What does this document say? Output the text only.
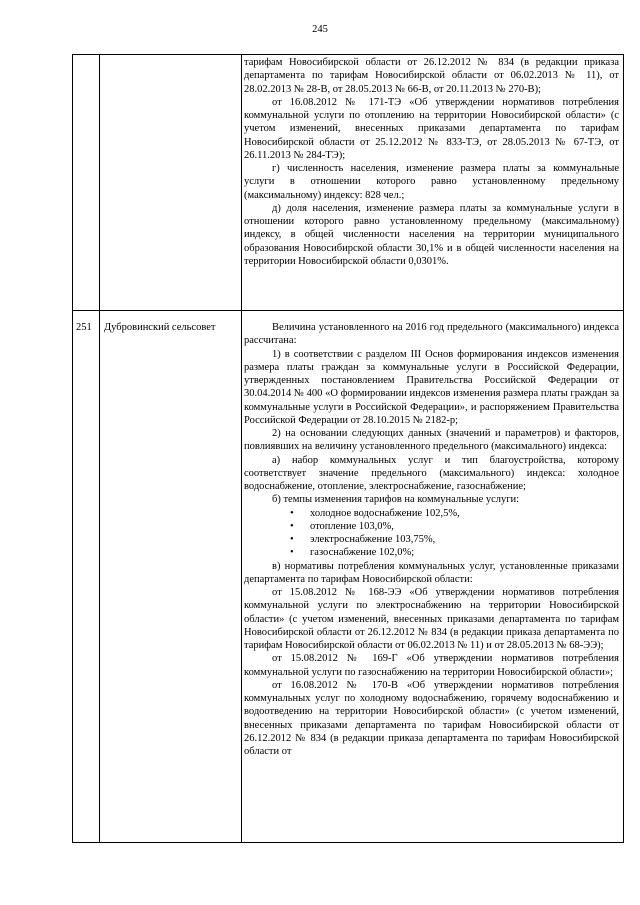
245

тарифам Новосибирской области от 26.12.2012 № 834 (в редакции приказа департамента по тарифам Новосибирской области от 06.02.2013 № 11), от 28.02.2013 № 28-В, от 28.05.2013 № 66-В, от 20.11.2013 № 270-В);

от 16.08.2012 № 171-ТЭ «Об утверждении нормативов потребления коммунальной услуги по отоплению на территории Новосибирской области» (с учетом изменений, внесенных приказами департамента по тарифам Новосибирской области от 25.12.2012 № 833-ТЭ, от 28.05.2013 № 67-ТЭ, от 26.11.2013 № 284-ТЭ);

г) численность населения, изменение размера платы за коммунальные услуги в отношении которого равно установленному предельному (максимальному) индексу: 828 чел.;

д) доля населения, изменение размера платы за коммунальные услуги в отношении которого равно установленному предельному (максимальному) индексу, в общей численности населения на территории муниципального образования Новосибирской области 30,1% и в общей численности населения на территории Новосибирской области 0,0301%.

251 Дубровинский сельсовет	Величина установленного на 2016 год предельного (максимального) индекса рассчитана:

1) в соответствии с разделом III Основ формирования индексов изменения размера платы граждан за коммунальные услуги в Российской Федерации, утвержденных постановлением Правительства Российской Федерации от 30.04.2014 № 400 «О формировании индексов изменения размера платы граждан за коммунальные услуги в Российской Федерации», и распоряжением Правительства Российской Федерации от 28.10.2015 № 2182-р;

2) на основании следующих данных (значений и параметров) и факторов, повлиявших на величину установленного предельного (максимального) индекса:

а) набор коммунальных услуг и тип благоустройства, которому соответствует значение предельного (максимального) индекса: холодное водоснабжение, отопление, электроснабжение, газоснабжение;

б) темпы изменения тарифов на коммунальные услуги:

• холодное водоснабжение 102,5%,
• отопление 103,0%,
• электроснабжение 103,75%,
• газоснабжение 102,0%;

в) нормативы потребления коммунальных услуг, установленные приказами департамента по тарифам Новосибирской области:

от 15.08.2012 № 168-ЭЭ «Об утверждении нормативов потребления коммунальной услуги по электроснабжению на территории Новосибирской области» (с учетом изменений, внесенных приказами департамента по тарифам Новосибирской области от 26.12.2012 № 834 (в редакции приказа департамента по тарифам Новосибирской области от 06.02.2013 № 11) и от 28.05.2013 № 68-ЭЭ);

от 15.08.2012 № 169-Г «Об утверждении нормативов потребления коммунальной услуги по газоснабжению на территории Новосибирской области»;

от 16.08.2012 № 170-В «Об утверждении нормативов потребления коммунальных услуг по холодному водоснабжению, горячему водоснабжению и водоотведению на территории Новосибирской области» (с учетом изменений, внесенных приказами департамента по тарифам Новосибирской области от 26.12.2012 № 834 (в редакции приказа департамента по тарифам Новосибирской области от
